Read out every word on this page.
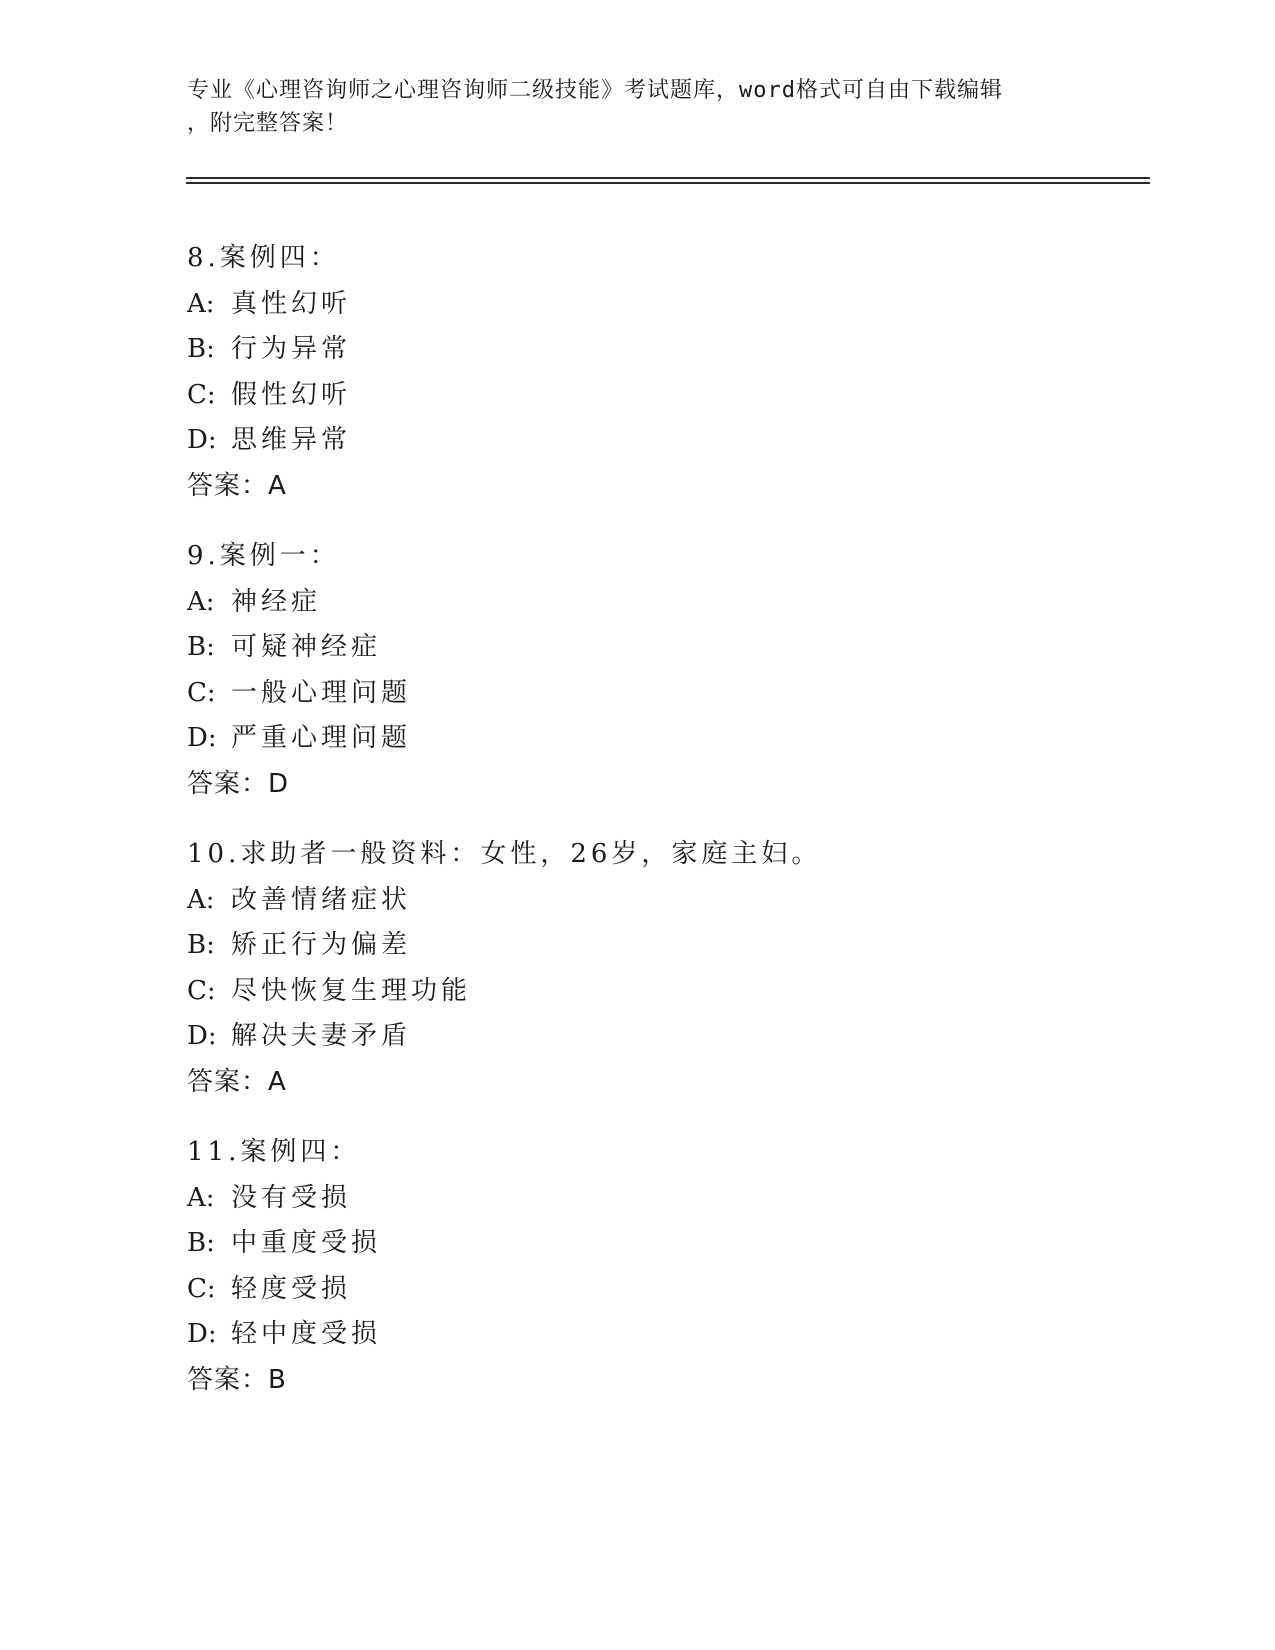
专业《心理咨询师之心理咨询师二级技能》考试题库，word格式可自由下载编辑
，附完整答案！
8.案例四：
A: 真性幻听
B: 行为异常
C: 假性幻听
D: 思维异常
答案：A
9.案例一：
A: 神经症
B: 可疑神经症
C: 一般心理问题
D: 严重心理问题
答案：D
10.求助者一般资料：女性，26岁，家庭主妇。
A: 改善情绪症状
B: 矫正行为偏差
C: 尽快恢复生理功能
D: 解决夫妻矛盾
答案：A
11.案例四：
A: 没有受损
B: 中重度受损
C: 轻度受损
D: 轻中度受损
答案：B
